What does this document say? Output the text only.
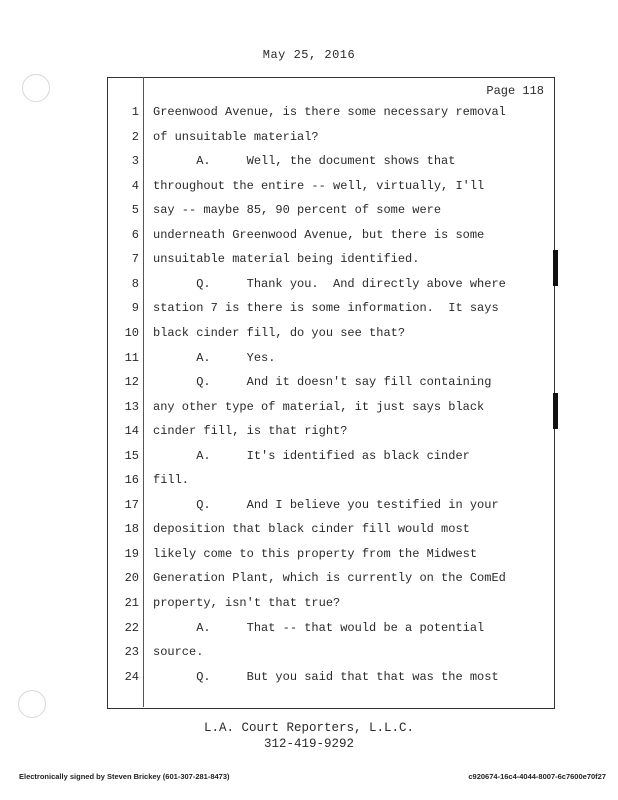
May 25, 2016
Page 118
1 Greenwood Avenue, is there some necessary removal
2 of unsuitable material?
3 A.     Well, the document shows that
4 throughout the entire -- well, virtually, I'll
5 say -- maybe 85, 90 percent of some were
6 underneath Greenwood Avenue, but there is some
7 unsuitable material being identified.
8 Q.     Thank you.  And directly above where
9 station 7 is there is some information.  It says
10 black cinder fill, do you see that?
11 A.     Yes.
12 Q.     And it doesn't say fill containing
13 any other type of material, it just says black
14 cinder fill, is that right?
15 A.     It's identified as black cinder
16 fill.
17 Q.     And I believe you testified in your
18 deposition that black cinder fill would most
19 likely come to this property from the Midwest
20 Generation Plant, which is currently on the ComEd
21 property, isn't that true?
22 A.     That -- that would be a potential
23 source.
24 Q.     But you said that that was the most
L.A. Court Reporters, L.L.C.
312-419-9292
Electronically signed by Steven Brickey (601-307-281-8473)	c920674-16c4-4044-8007-6c7600e70f27
